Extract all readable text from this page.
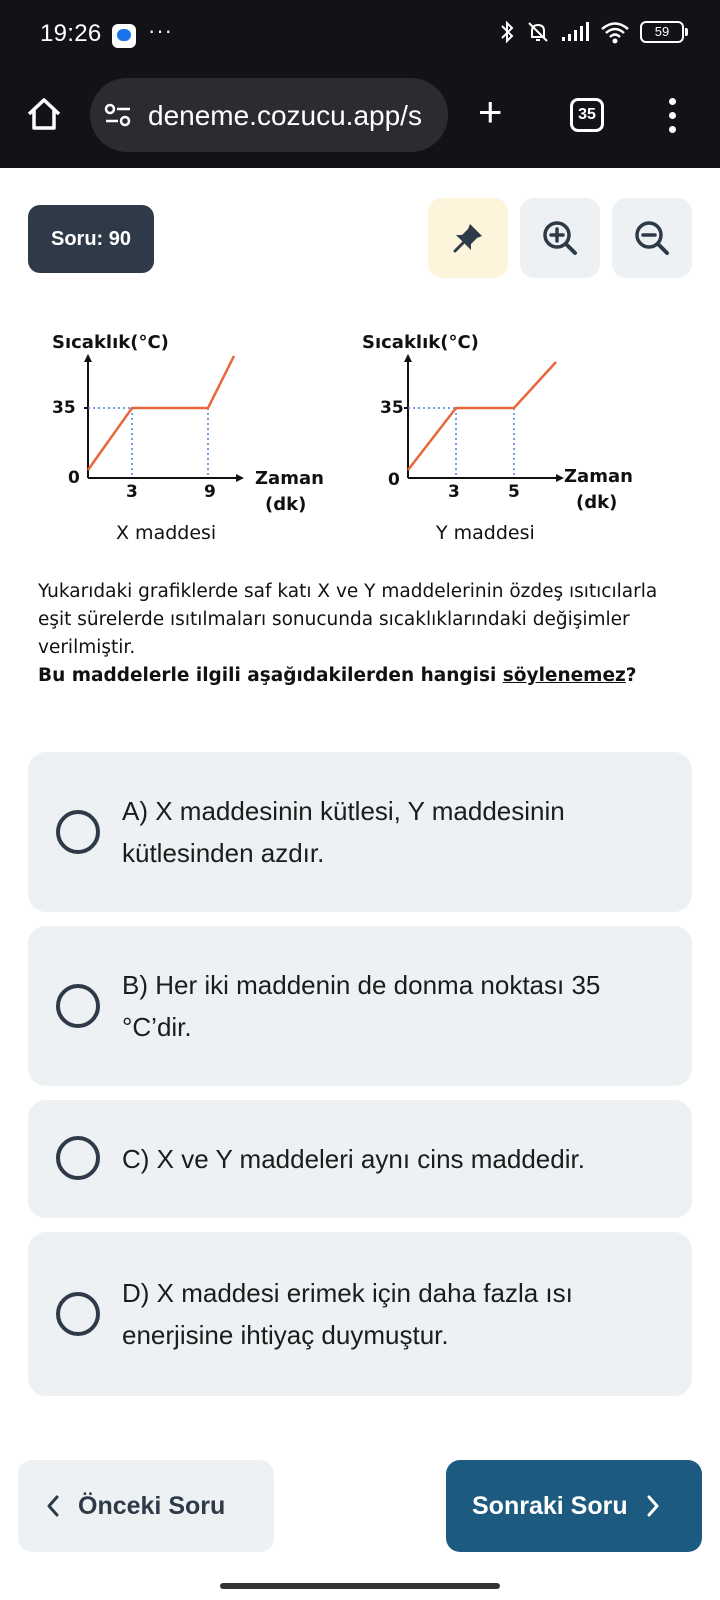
19:26 ···	59
deneme.cozucu.app/s	+	35
Soru: 90
Sıcaklık(°C)
35
0
3	9
Zaman
(dk)
X maddesi
Sıcaklık(°C)
35
0
3	5
Zaman
(dk)
Y maddesi
Yukarıdaki grafiklerde saf katı X ve Y maddelerinin özdeş ısıtıcılarla eşit sürelerde ısıtılmaları sonucunda sıcaklıklarındaki değişimler verilmiştir.
Bu maddelerle ilgili aşağıdakilerden hangisi söylenemez?
A) X maddesinin kütlesi, Y maddesinin kütlesinden azdır.
B) Her iki maddenin de donma noktası 35 °C’dir.
C) X ve Y maddeleri aynı cins maddedir.
D) X maddesi erimek için daha fazla ısı enerjisine ihtiyaç duymuştur.
Önceki Soru	Sonraki Soru
